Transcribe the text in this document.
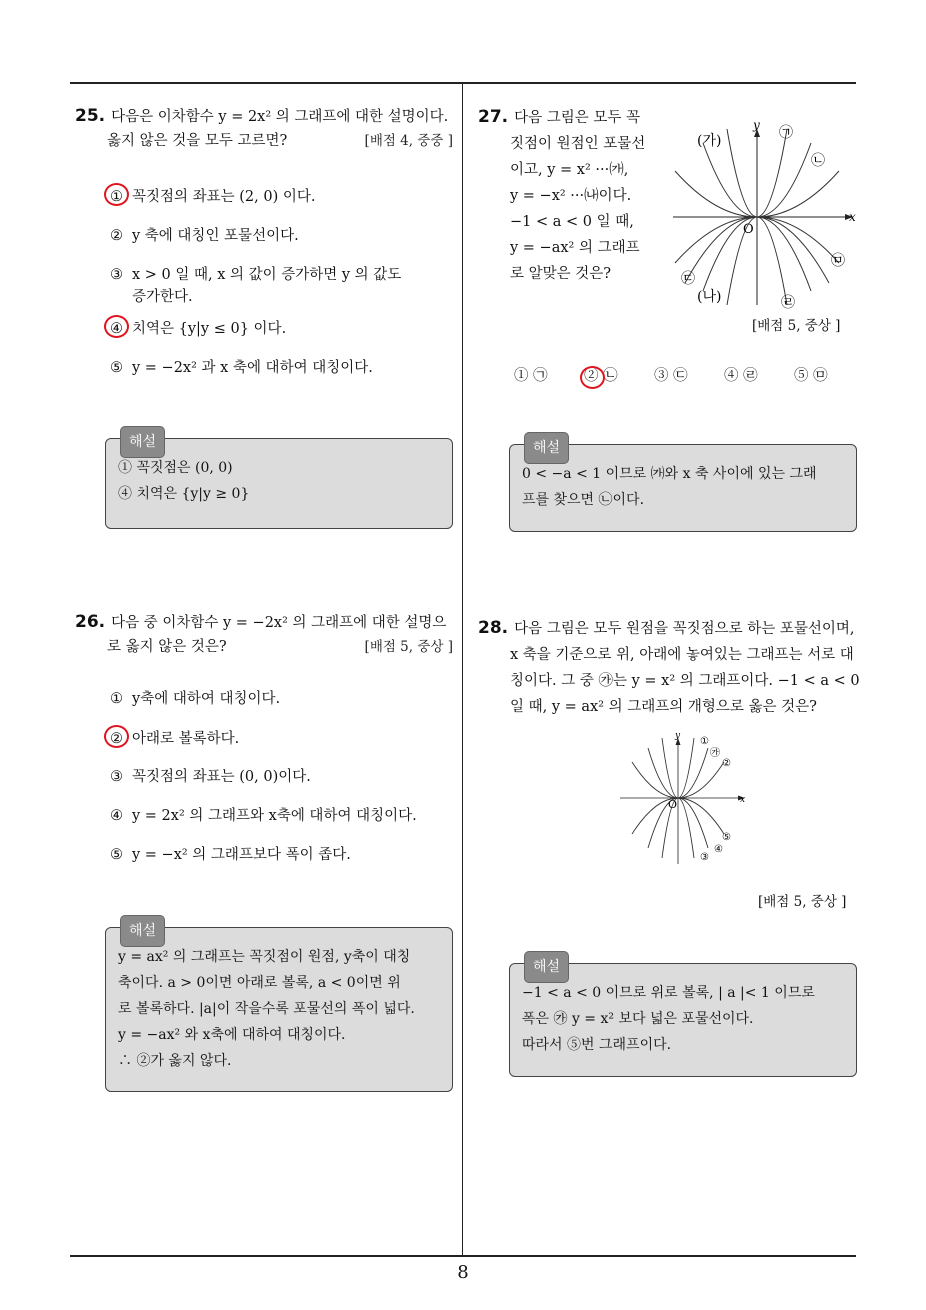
25. 다음은 이차함수 y = 2x² 의 그래프에 대한 설명이다.
옳지 않은 것을 모두 고르면?	[배점 4, 중중 ]
① 꼭짓점의 좌표는 (2, 0) 이다.
② y 축에 대칭인 포물선이다.
③ x > 0 일 때, x 의 값이 증가하면 y 의 값도
증가한다.
④ 치역은 {y|y ≤ 0} 이다.
⑤ y = −2x² 과 x 축에 대하여 대칭이다.
해설
① 꼭짓점은 (0, 0)
④ 치역은 {y|y ≥ 0}
26. 다음 중 이차함수 y = −2x² 의 그래프에 대한 설명으
로 옳지 않은 것은?	[배점 5, 중상 ]
① y축에 대하여 대칭이다.
② 아래로 볼록하다.
③ 꼭짓점의 좌표는 (0, 0)이다.
④ y = 2x² 의 그래프와 x축에 대하여 대칭이다.
⑤ y = −x² 의 그래프보다 폭이 좁다.
해설
y = ax² 의 그래프는 꼭짓점이 원점, y축이 대칭
축이다. a > 0이면 아래로 볼록, a < 0이면 위
로 볼록하다. |a|이 작을수록 포물선의 폭이 넓다.
y = −ax² 와 x축에 대하여 대칭이다.
∴ ②가 옳지 않다.
27. 다음 그림은 모두 꼭
짓점이 원점인 포물선
이고, y = x² ···㈎,
y = −x² ···㈏이다.
−1 < a < 0 일 때,
y = −ax² 의 그래프
로 알맞은 것은?
(가)	㉠
㉡
㉢
(나)	㉣
㉤
x
y
O
[배점 5, 중상 ]
① ㉠	② ㉡	③ ㉢	④ ㉣	⑤ ㉤
해설
0 < −a < 1 이므로 ㈎와 x 축 사이에 있는 그래
프를 찾으면 ㉡이다.
28. 다음 그림은 모두 원점을 꼭짓점으로 하는 포물선이며,
x 축을 기준으로 위, 아래에 놓여있는 그래프는 서로 대
칭이다. 그 중 ㉮는 y = x² 의 그래프이다. −1 < a < 0
일 때, y = ax² 의 그래프의 개형으로 옳은 것은?
①
㉮
②
⑤
④
③
x
y
O
[배점 5, 중상 ]
해설
−1 < a < 0 이므로 위로 볼록, | a |< 1 이므로
폭은 ㉮ y = x² 보다 넓은 포물선이다.
따라서 ⑤번 그래프이다.
8
